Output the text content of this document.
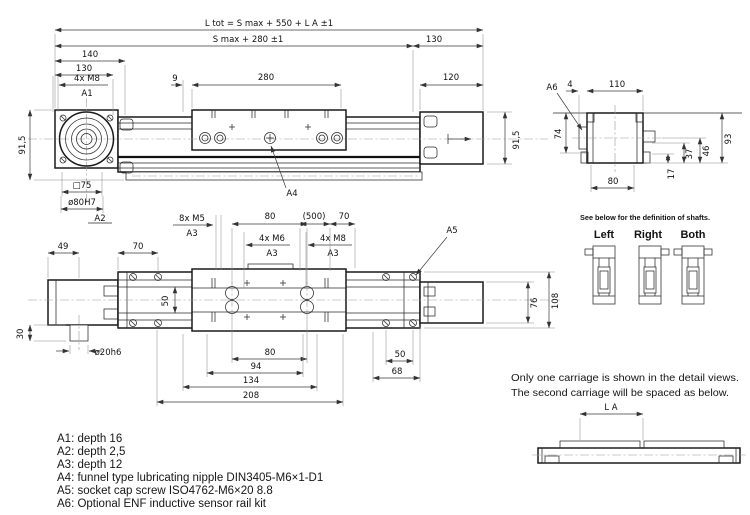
L tot = S max + 550 + L A ±1
S max + 280 ±1	130
140
130
4x M8
A1
9	280	120
91,5	91,5
□75
ø80H7
A2
A4
A6 4	110
74	93
46
37
17
80
49	70
8x M5
A3
80
4x M6
A3
4x M8
A3
(500) 70
A5
50
30
ø20h6	80
94
134
208
50
68
76 108
See below for the definition of shafts.
Left Right Both
Only one carriage is shown in the detail views.
The second carriage will be spaced as below.
L A
A1: depth 16
A2: depth 2,5
A3: depth 12
A4: funnel type lubricating nipple DIN3405-M6×1-D1
A5: socket cap screw ISO4762-M6×20 8.8
A6: Optional ENF inductive sensor rail kit
